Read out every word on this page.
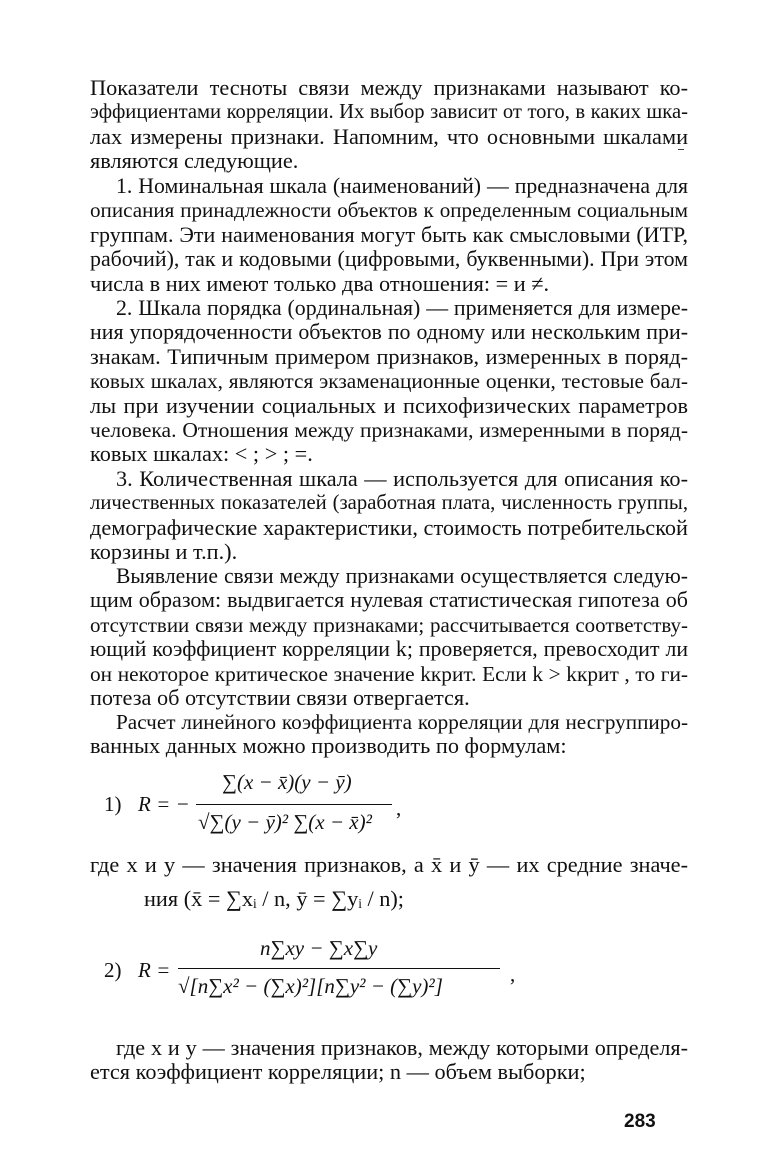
Показатели тесноты связи между признаками называют ко-
эффициентами корреляции. Их выбор зависит от того, в каких шка-
лах измерены признаки. Напомним, что основными шкалами
являются следующие.
1. Номинальная шкала (наименований) — предназначена для
описания принадлежности объектов к определенным социальным
группам. Эти наименования могут быть как смысловыми (ИТР,
рабочий), так и кодовыми (цифровыми, буквенными). При этом
числа в них имеют только два отношения: = и ≠.
2. Шкала порядка (ординальная) — применяется для измере-
ния упорядоченности объектов по одному или нескольким при-
знакам. Типичным примером признаков, измеренных в поряд-
ковых шкалах, являются экзаменационные оценки, тестовые бал-
лы при изучении социальных и психофизических параметров
человека. Отношения между признаками, измеренными в поряд-
ковых шкалах: < ; > ; =.
3. Количественная шкала — используется для описания ко-
личественных показателей (заработная плата, численность группы,
демографические характеристики, стоимость потребительской
корзины и т.п.).
Выявление связи между признаками осуществляется следую-
щим образом: выдвигается нулевая статистическая гипотеза об
отсутствии связи между признаками; рассчитывается соответству-
ющий коэффициент корреляции k; проверяется, превосходит ли
он некоторое критическое значение kкрит. Если k > kкрит , то ги-
потеза об отсутствии связи отвергается.
Расчет линейного коэффициента корреляции для несгруппиро-
ванных данных можно производить по формулам:
1) R = −
∑(x − x̄)(y − ȳ)
√∑(y − ȳ)² ∑(x − x̄)²
,
где x и y — значения признаков, а x̄ и ȳ — их средние значе-
ния (x̄ = ∑xᵢ / n, ȳ = ∑yᵢ / n);
2) R =
n∑xy − ∑x∑y
√[n∑x² − (∑x)²][n∑y² − (∑y)²]	,
где x и y — значения признаков, между которыми определя-
ется коэффициент корреляции; n — объем выборки;
283
